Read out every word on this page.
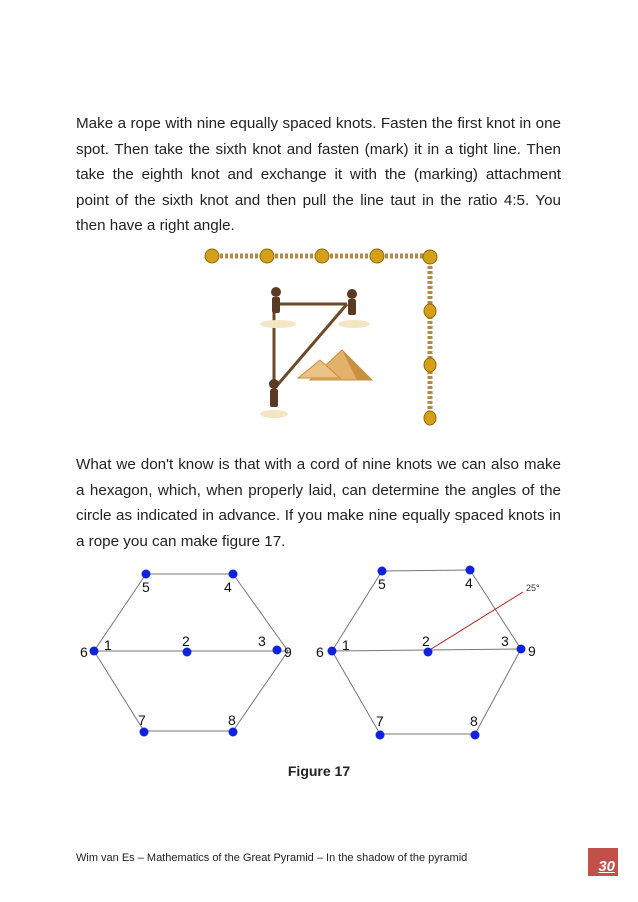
Make a rope with nine equally spaced knots. Fasten the first knot in one spot. Then take the sixth knot and fasten (mark) it in a tight line. Then take the eighth knot and exchange it with the (marking) attachment point of the sixth knot and then pull the line taut in the ratio 4:5. You then have a right angle.

What we don't know is that with a cord of nine knots we can also make a hexagon, which, when properly laid, can determine the angles of the circle as indicated in advance. If you make nine equally spaced knots in a rope you can make figure 17.

5	4
6 1	2	3
9
7	8
5	4
6 1	2	3
9
7	8
25°
Figure 17
Wim van Es – Mathematics of the Great Pyramid – In the shadow of the pyramid	30
